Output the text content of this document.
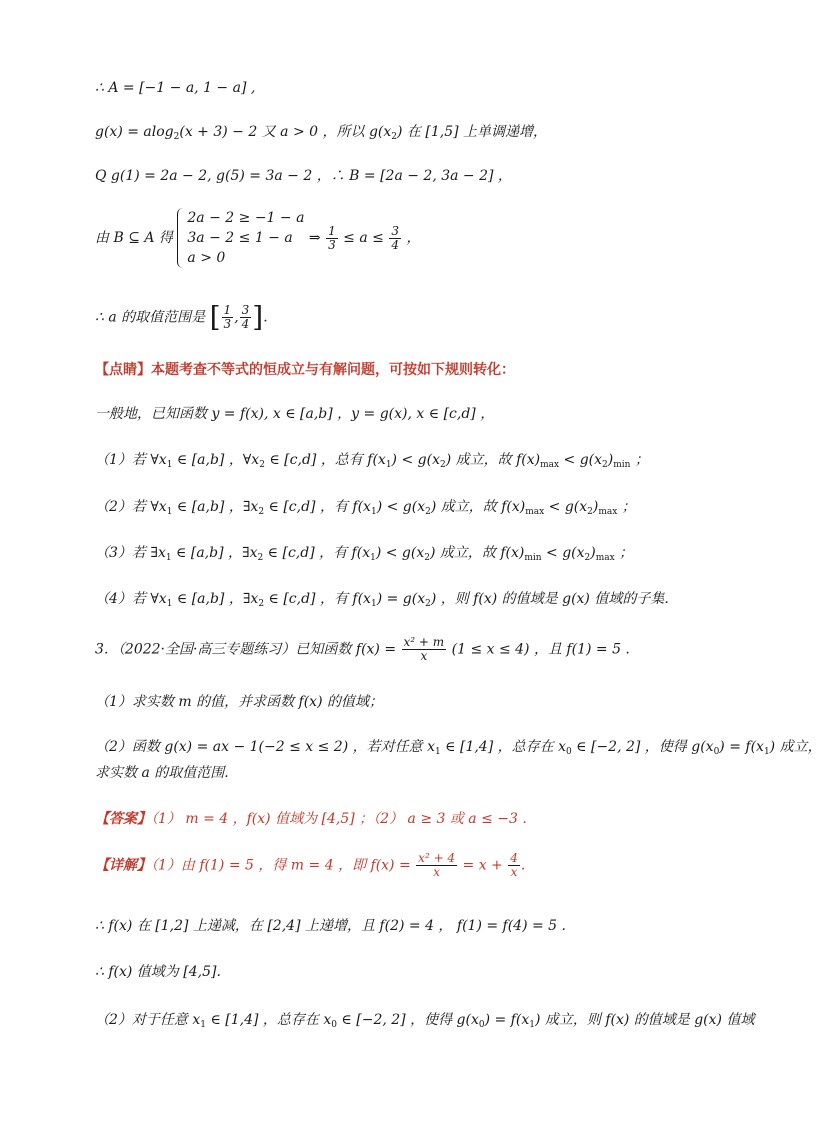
∴ A = [−1 − a, 1 − a] ,
g(x) = alog$_2$(x + 3) − 2 又 a > 0 ，所以 $g(x_2)$ 在 [1,5] 上单调递增，
Q g(1) = 2a − 2, g(5) = 3a − 2 ，∴ B = [2a − 2, 3a − 2] ，
由 B ⊆ A 得
2a − 2 ≥ −1 − a
3a − 2 ≤ 1 − a
a > 0
⇒ $\frac{1}{3} \le a \le \frac{3}{4}$ ，
∴ a 的取值范围是 [ $\frac{1}{3}$ , $\frac{3}{4}$ ].
【点睛】本题考查不等式的恒成立与有解问题，可按如下规则转化：
一般地，已知函数 y = f(x), x ∈ [a,b] ，y = g(x), x ∈ [c,d] ，
（1）若 $\forall x_1$ ∈ [a,b] ，$\forall x_2$ ∈ [c,d] ，总有 $f(x_1) < g(x_2)$ 成立，故 $f(x)_{max} < g(x_2)_{min}$ ；
（2）若 $\forall x_1$ ∈ [a,b] ，$\exists x_2$ ∈ [c,d] ，有 $f(x_1) < g(x_2)$ 成立，故 $f(x)_{max} < g(x_2)_{max}$ ；
（3）若 $\exists x_1$ ∈ [a,b] ，$\exists x_2$ ∈ [c,d] ，有 $f(x_1) < g(x_2)$ 成立，故 $f(x)_{min} < g(x_2)_{max}$ ；
（4）若 $\forall x_1$ ∈ [a,b] ，$\exists x_2$ ∈ [c,d] ，有 $f(x_1) = g(x_2)$ ，则 f(x) 的值域是 g(x) 值域的子集.
3．（2022·全国·高三专题练习）已知函数 $f(x) = \frac{\text{x² + m}}{x} (1 \le x \le 4)$ ，且 f(1) = 5 .
（1）求实数 m 的值，并求函数 f(x) 的值域；
（2）函数 g(x) = ax − 1(−2 ≤ x ≤ 2) ，若对任意 $x_1$ ∈ [1,4] ，总存在 $x_0$ ∈ [−2, 2] ，使得 $g(x_0) = f(x_1)$ 成立，
求实数 a 的取值范围.
【答案】（1） m = 4 ，f(x) 值域为 [4,5] ；（2） a ≥ 3 或 a ≤ −3 .
【详解】（1）由 f(1) = 5 ，得 m = 4 ，即 $f(x) = \frac{\text{x² + 4}}{x} = x + \frac{4}{x}$ .
∴ f(x) 在 [1,2] 上递减，在 [2,4] 上递增，且 f(2) = 4 ， f(1) = f(4) = 5 .
∴ f(x) 值域为 [4,5].
（2）对于任意 $x_1$ ∈ [1,4] ，总存在 $x_0$ ∈ [−2, 2] ，使得 $g(x_0) = f(x_1)$ 成立，则 f(x) 的值域是 g(x) 值域
